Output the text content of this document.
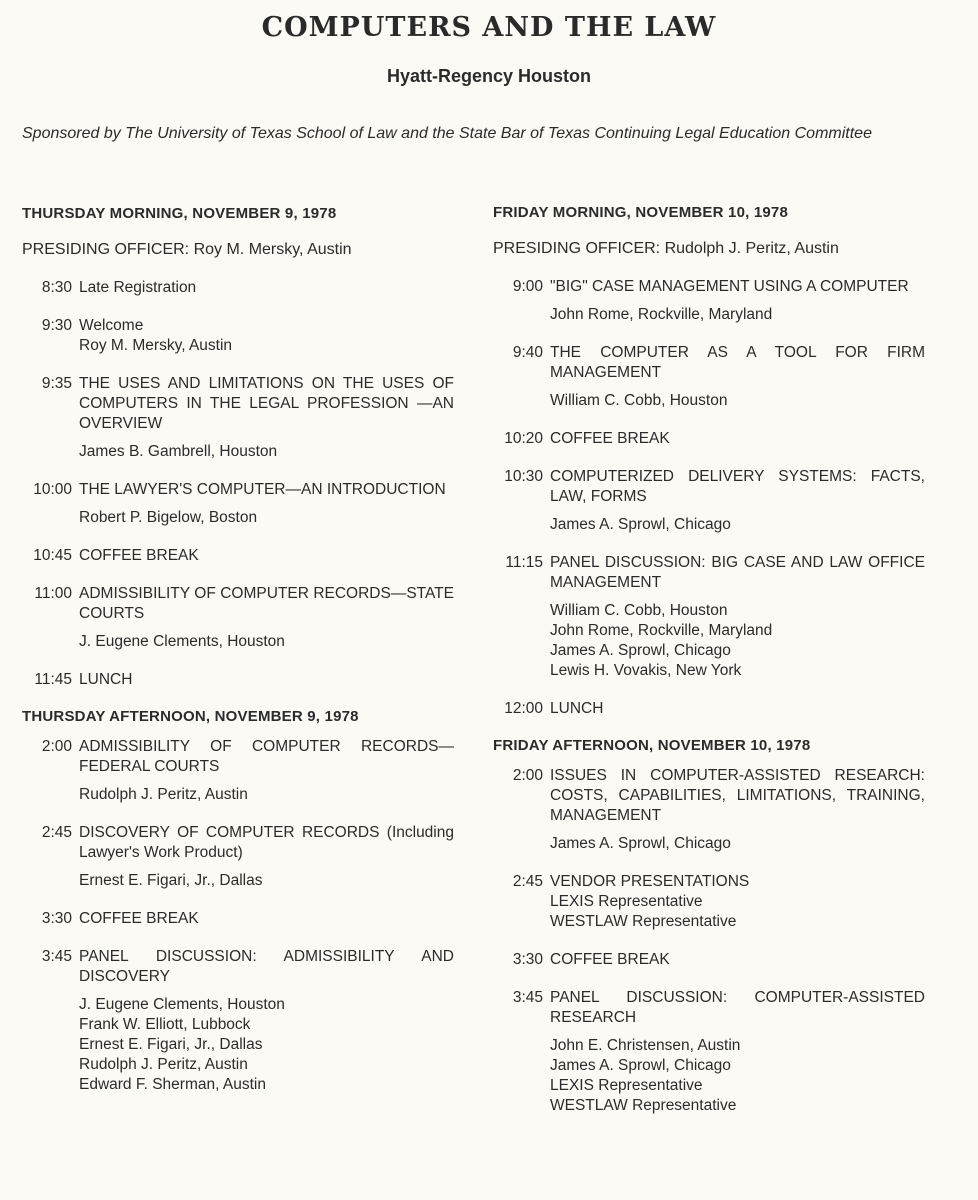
COMPUTERS AND THE LAW
Hyatt-Regency Houston

Sponsored by The University of Texas School of Law and the State Bar of Texas Continuing Legal Education Committee

THURSDAY MORNING, NOVEMBER 9, 1978
PRESIDING OFFICER: Roy M. Mersky, Austin
8:30 Late Registration
9:30 Welcome
Roy M. Mersky, Austin
9:35 THE USES AND LIMITATIONS ON THE USES OF COMPUTERS IN THE LEGAL PROFESSION —AN OVERVIEW
James B. Gambrell, Houston
10:00 THE LAWYER'S COMPUTER—AN INTRODUCTION
Robert P. Bigelow, Boston
10:45 COFFEE BREAK
11:00 ADMISSIBILITY OF COMPUTER RECORDS—STATE COURTS
J. Eugene Clements, Houston
11:45 LUNCH
THURSDAY AFTERNOON, NOVEMBER 9, 1978
2:00 ADMISSIBILITY OF COMPUTER RECORDS—FEDERAL COURTS
Rudolph J. Peritz, Austin
2:45 DISCOVERY OF COMPUTER RECORDS (Including Lawyer's Work Product)
Ernest E. Figari, Jr., Dallas
3:30 COFFEE BREAK
3:45 PANEL DISCUSSION: ADMISSIBILITY AND DISCOVERY
J. Eugene Clements, Houston
Frank W. Elliott, Lubbock
Ernest E. Figari, Jr., Dallas
Rudolph J. Peritz, Austin
Edward F. Sherman, Austin
FRIDAY MORNING, NOVEMBER 10, 1978
PRESIDING OFFICER: Rudolph J. Peritz, Austin
9:00 "BIG" CASE MANAGEMENT USING A COMPUTER
John Rome, Rockville, Maryland
9:40 THE COMPUTER AS A TOOL FOR FIRM MANAGEMENT
William C. Cobb, Houston
10:20 COFFEE BREAK
10:30 COMPUTERIZED DELIVERY SYSTEMS: FACTS, LAW, FORMS
James A. Sprowl, Chicago
11:15 PANEL DISCUSSION: BIG CASE AND LAW OFFICE MANAGEMENT
William C. Cobb, Houston
John Rome, Rockville, Maryland
James A. Sprowl, Chicago
Lewis H. Vovakis, New York
12:00 LUNCH
FRIDAY AFTERNOON, NOVEMBER 10, 1978
2:00 ISSUES IN COMPUTER-ASSISTED RESEARCH: COSTS, CAPABILITIES, LIMITATIONS, TRAINING, MANAGEMENT
James A. Sprowl, Chicago
2:45 VENDOR PRESENTATIONS
LEXIS Representative
WESTLAW Representative
3:30 COFFEE BREAK
3:45 PANEL DISCUSSION: COMPUTER-ASSISTED RESEARCH
John E. Christensen, Austin
James A. Sprowl, Chicago
LEXIS Representative
WESTLAW Representative
